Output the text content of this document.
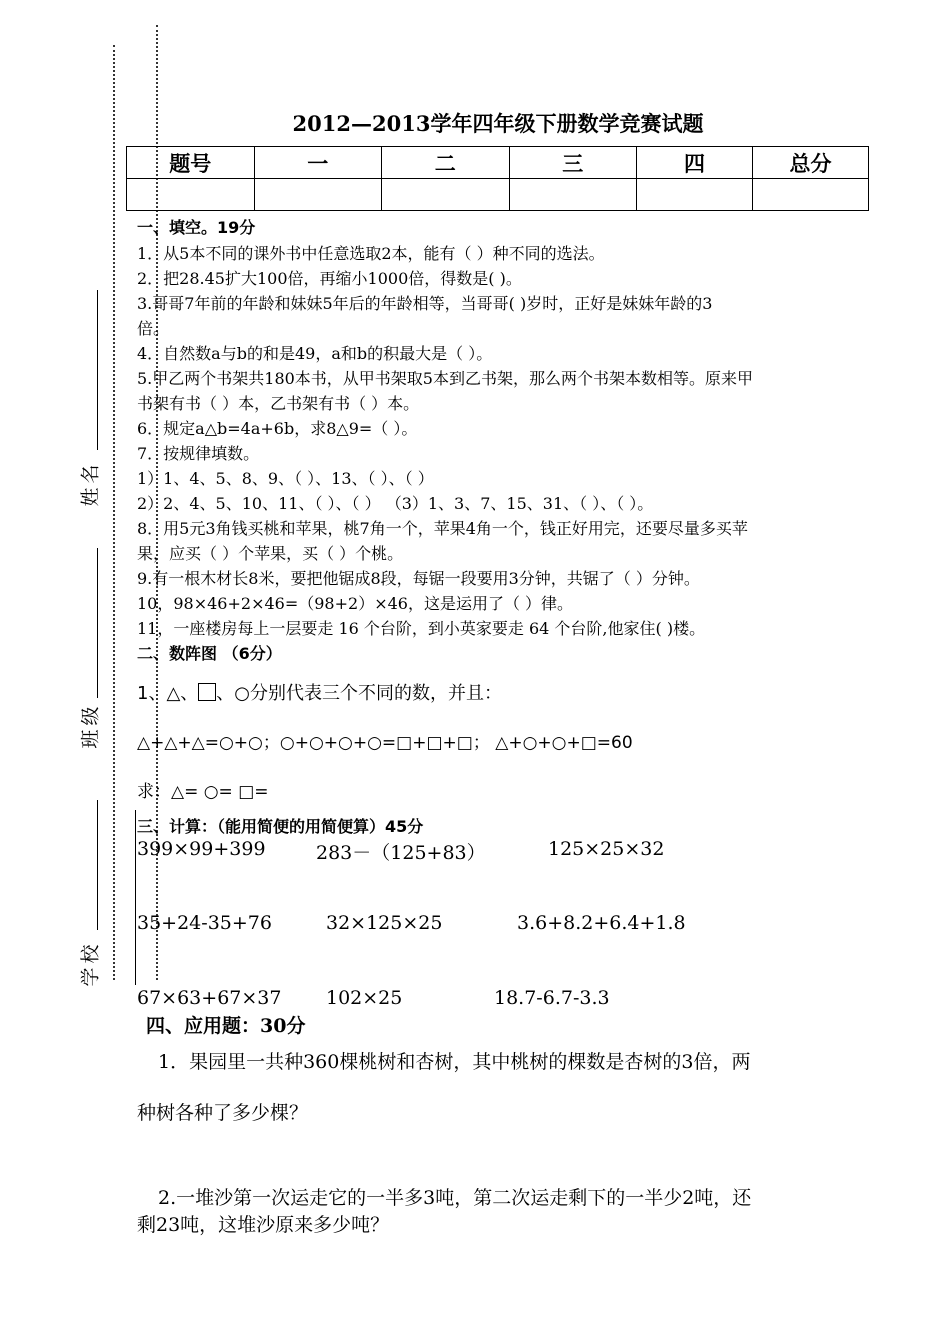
姓名
班级
学校
2012—2013学年四年级下册数学竞赛试题
题号	一	二	三	四	总分

一、填空。19分
1．从5本不同的课外书中任意选取2本，能有（ ）种不同的选法。
2．把28.45扩大100倍，再缩小1000倍，得数是( )。
3.哥哥7年前的年龄和妹妹5年后的年龄相等，当哥哥( )岁时，正好是妹妹年龄的3
倍。
4．自然数a与b的和是49，a和b的积最大是（ ）。
5.甲乙两个书架共180本书，从甲书架取5本到乙书架，那么两个书架本数相等。原来甲
书架有书（ ）本，乙书架有书（ ）本。
6．规定a△b=4a+6b，求8△9=（ ）。
7．按规律填数。
1）1、4、5、8、9、（ ）、13、（ ）、（ ）
2）2、4、5、10、11、（ ）、（ ） （3）1、3、7、15、31、（ ）、（ ）。
8．用5元3角钱买桃和苹果，桃7角一个，苹果4角一个，钱正好用完，还要尽量多买苹
果，应买（ ）个苹果，买（ ）个桃。
9.有一根木材长8米，要把他锯成8段，每锯一段要用3分钟，共锯了（ ）分钟。
10，98×46+2×46=（98+2）×46，这是运用了（ ）律。
11，一座楼房每上一层要走 16 个台阶，到小英家要走 64 个台阶,他家住( )楼。
二、数阵图 （6分）
1、△、 、○分别代表三个不同的数，并且：
△+△+△=○+○；○+○+○+○=□+□+□； △+○+○+□=60
求：△= ○= □=
三、计算：（能用简便的用简便算）45分
399×99+399	283－（125+83）	125×25×32
35+24-35+76	32×125×25	3.6+8.2+6.4+1.8
67×63+67×37 102×25	18.7-6.7-3.3
四、应用题：30分
1．果园里一共种360棵桃树和杏树，其中桃树的棵数是杏树的3倍，两
种树各种了多少棵？
2.一堆沙第一次运走它的一半多3吨，第二次运走剩下的一半少2吨，还
剩23吨，这堆沙原来多少吨？
